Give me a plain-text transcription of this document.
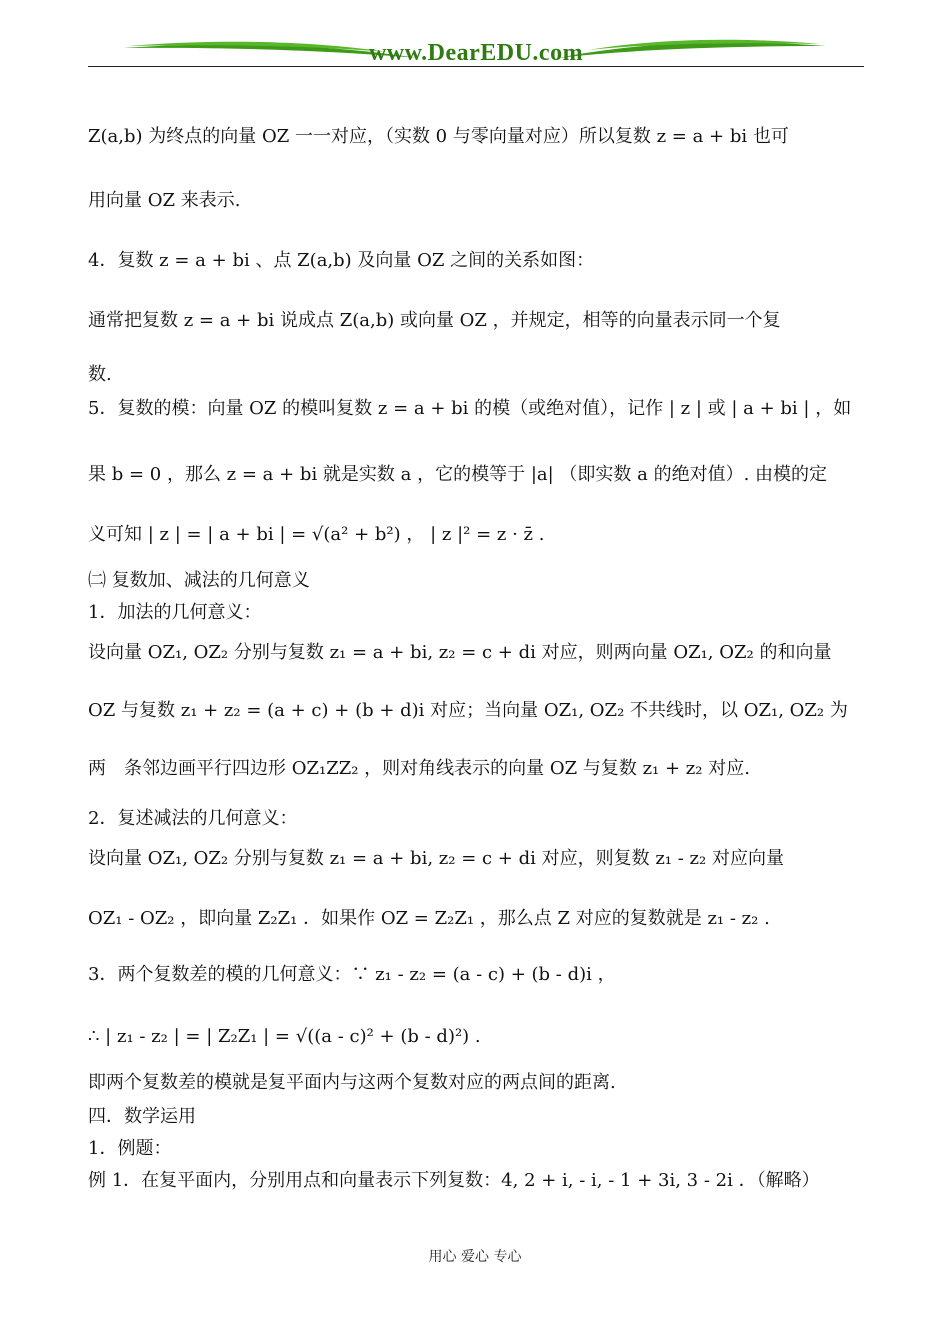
www.DearEDU.com
Z(a,b) 为终点的向量 OZ 一一对应，（实数 0 与零向量对应）所以复数 z = a + bi 也可
用向量 OZ 来表示.
4．复数 z = a + bi 、点 Z(a,b) 及向量 OZ 之间的关系如图：
通常把复数 z = a + bi 说成点 Z(a,b) 或向量 OZ ，并规定，相等的向量表示同一个复
数.
5．复数的模：向量 OZ 的模叫复数 z = a + bi 的模（或绝对值），记作 | z | 或 | a + bi | ，如
果 b = 0 ，那么 z = a + bi 就是实数 a ，它的模等于 |a| （即实数 a 的绝对值）. 由模的定
义可知 | z | = | a + bi | = √(a² + b²) ， | z |² = z · z̄ .
㈡ 复数加、减法的几何意义
1．加法的几何意义：
设向量 OZ₁, OZ₂ 分别与复数 z₁ = a + bi, z₂ = c + di 对应，则两向量 OZ₁, OZ₂ 的和向量
OZ 与复数 z₁ + z₂ = (a + c) + (b + d)i 对应；当向量 OZ₁, OZ₂ 不共线时，以 OZ₁, OZ₂ 为
两　条邻边画平行四边形 OZ₁ZZ₂ ，则对角线表示的向量 OZ 与复数 z₁ + z₂ 对应.
2．复述减法的几何意义：
设向量 OZ₁, OZ₂ 分别与复数 z₁ = a + bi, z₂ = c + di 对应，则复数 z₁ - z₂ 对应向量
OZ₁ - OZ₂ ，即向量 Z₂Z₁ ．如果作 OZ = Z₂Z₁ ，那么点 Z 对应的复数就是 z₁ - z₂ .
3．两个复数差的模的几何意义：∵ z₁ - z₂ = (a - c) + (b - d)i ，
∴ | z₁ - z₂ | = | Z₂Z₁ | = √((a - c)² + (b - d)²) .
即两个复数差的模就是复平面内与这两个复数对应的两点间的距离.
四．数学运用
1．例题：
例 1．在复平面内，分别用点和向量表示下列复数：4, 2 + i, - i, - 1 + 3i, 3 - 2i ．（解略）
用心 爱心 专心
